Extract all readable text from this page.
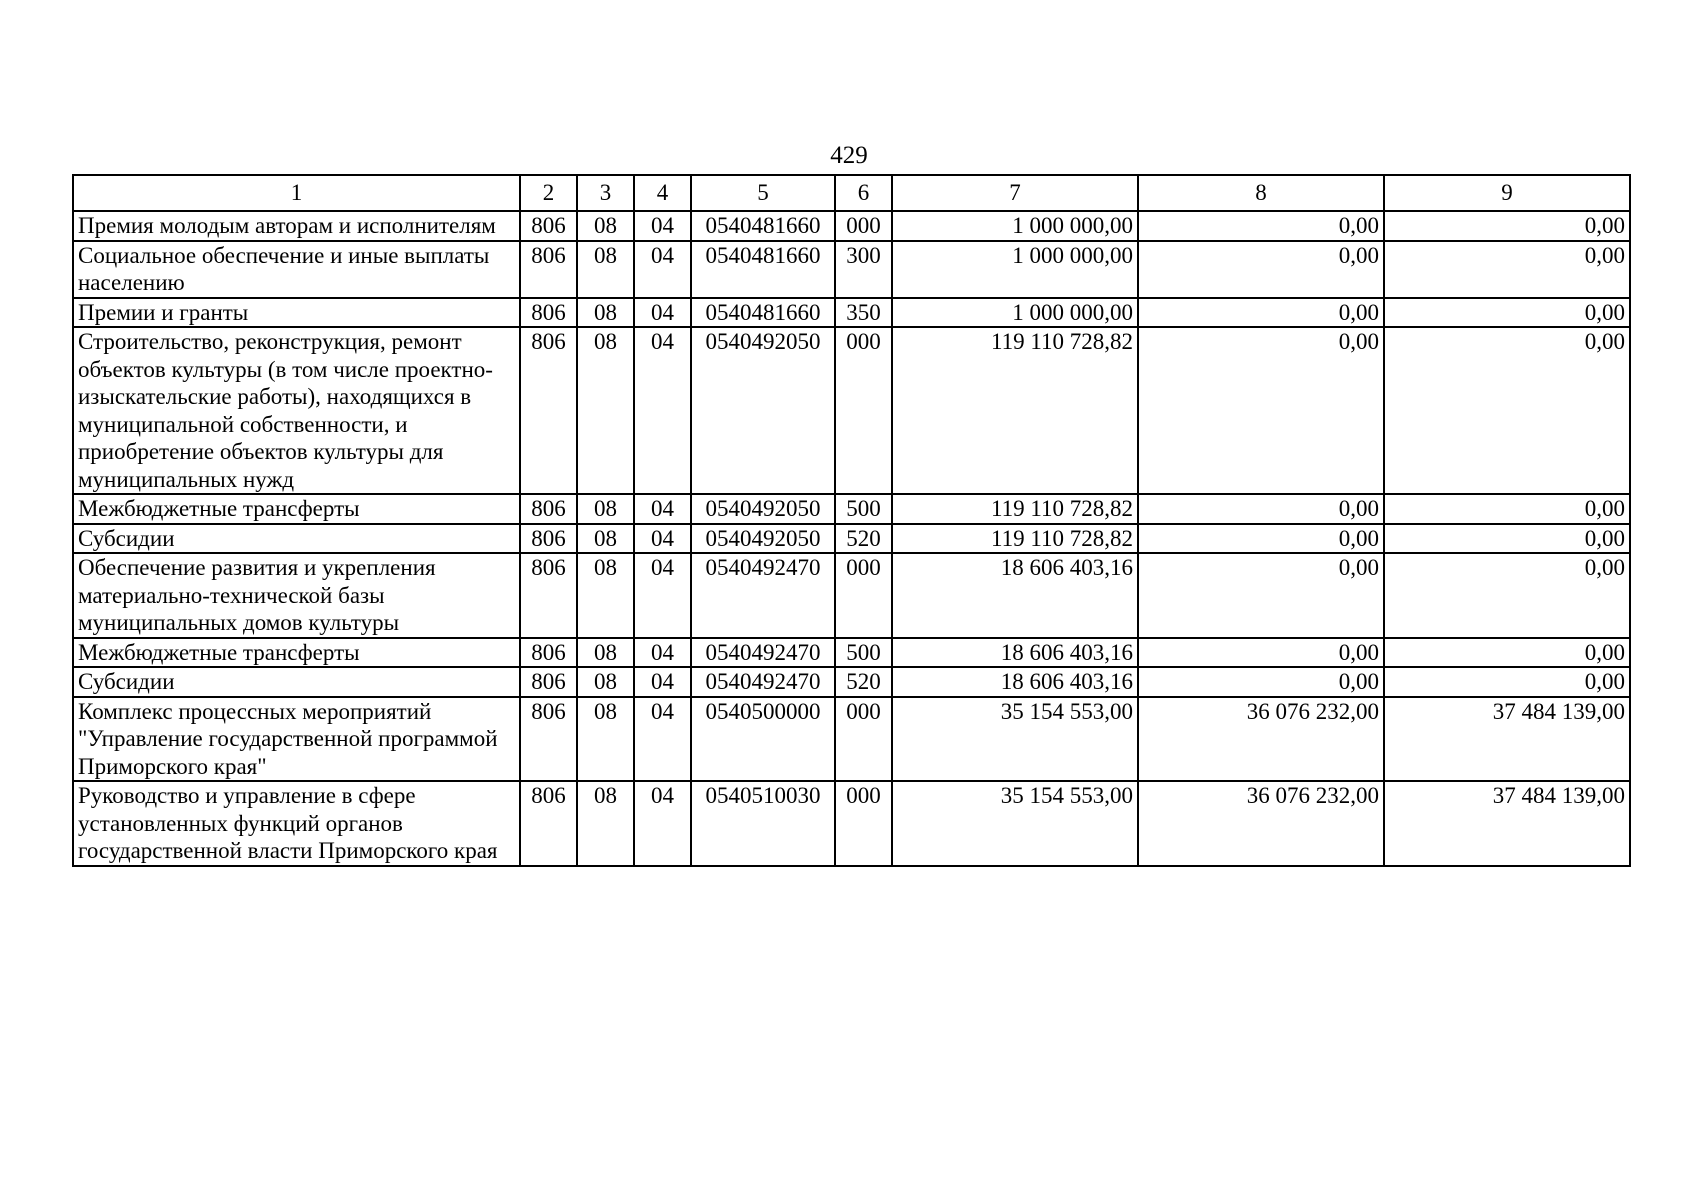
429
1	2	3	4	5	6	7	8	9
Премия молодым авторам и исполнителям	806	08	04	0540481660	000	1 000 000,00	0,00	0,00
Социальное обеспечение и иные выплаты населению	806	08	04	0540481660	300	1 000 000,00	0,00	0,00
Премии и гранты	806	08	04	0540481660	350	1 000 000,00	0,00	0,00
Строительство, реконструкция, ремонт объектов культуры (в том числе проектно-изыскательские работы), находящихся в муниципальной собственности, и приобретение объектов культуры для муниципальных нужд	806	08	04	0540492050	000	119 110 728,82	0,00	0,00
Межбюджетные трансферты	806	08	04	0540492050	500	119 110 728,82	0,00	0,00
Субсидии	806	08	04	0540492050	520	119 110 728,82	0,00	0,00
Обеспечение развития и укрепления материально-технической базы муниципальных домов культуры	806	08	04	0540492470	000	18 606 403,16	0,00	0,00
Межбюджетные трансферты	806	08	04	0540492470	500	18 606 403,16	0,00	0,00
Субсидии	806	08	04	0540492470	520	18 606 403,16	0,00	0,00
Комплекс процессных мероприятий "Управление государственной программой Приморского края"	806	08	04	0540500000	000	35 154 553,00	36 076 232,00	37 484 139,00
Руководство и управление в сфере установленных функций органов государственной власти Приморского края	806	08	04	0540510030	000	35 154 553,00	36 076 232,00	37 484 139,00
